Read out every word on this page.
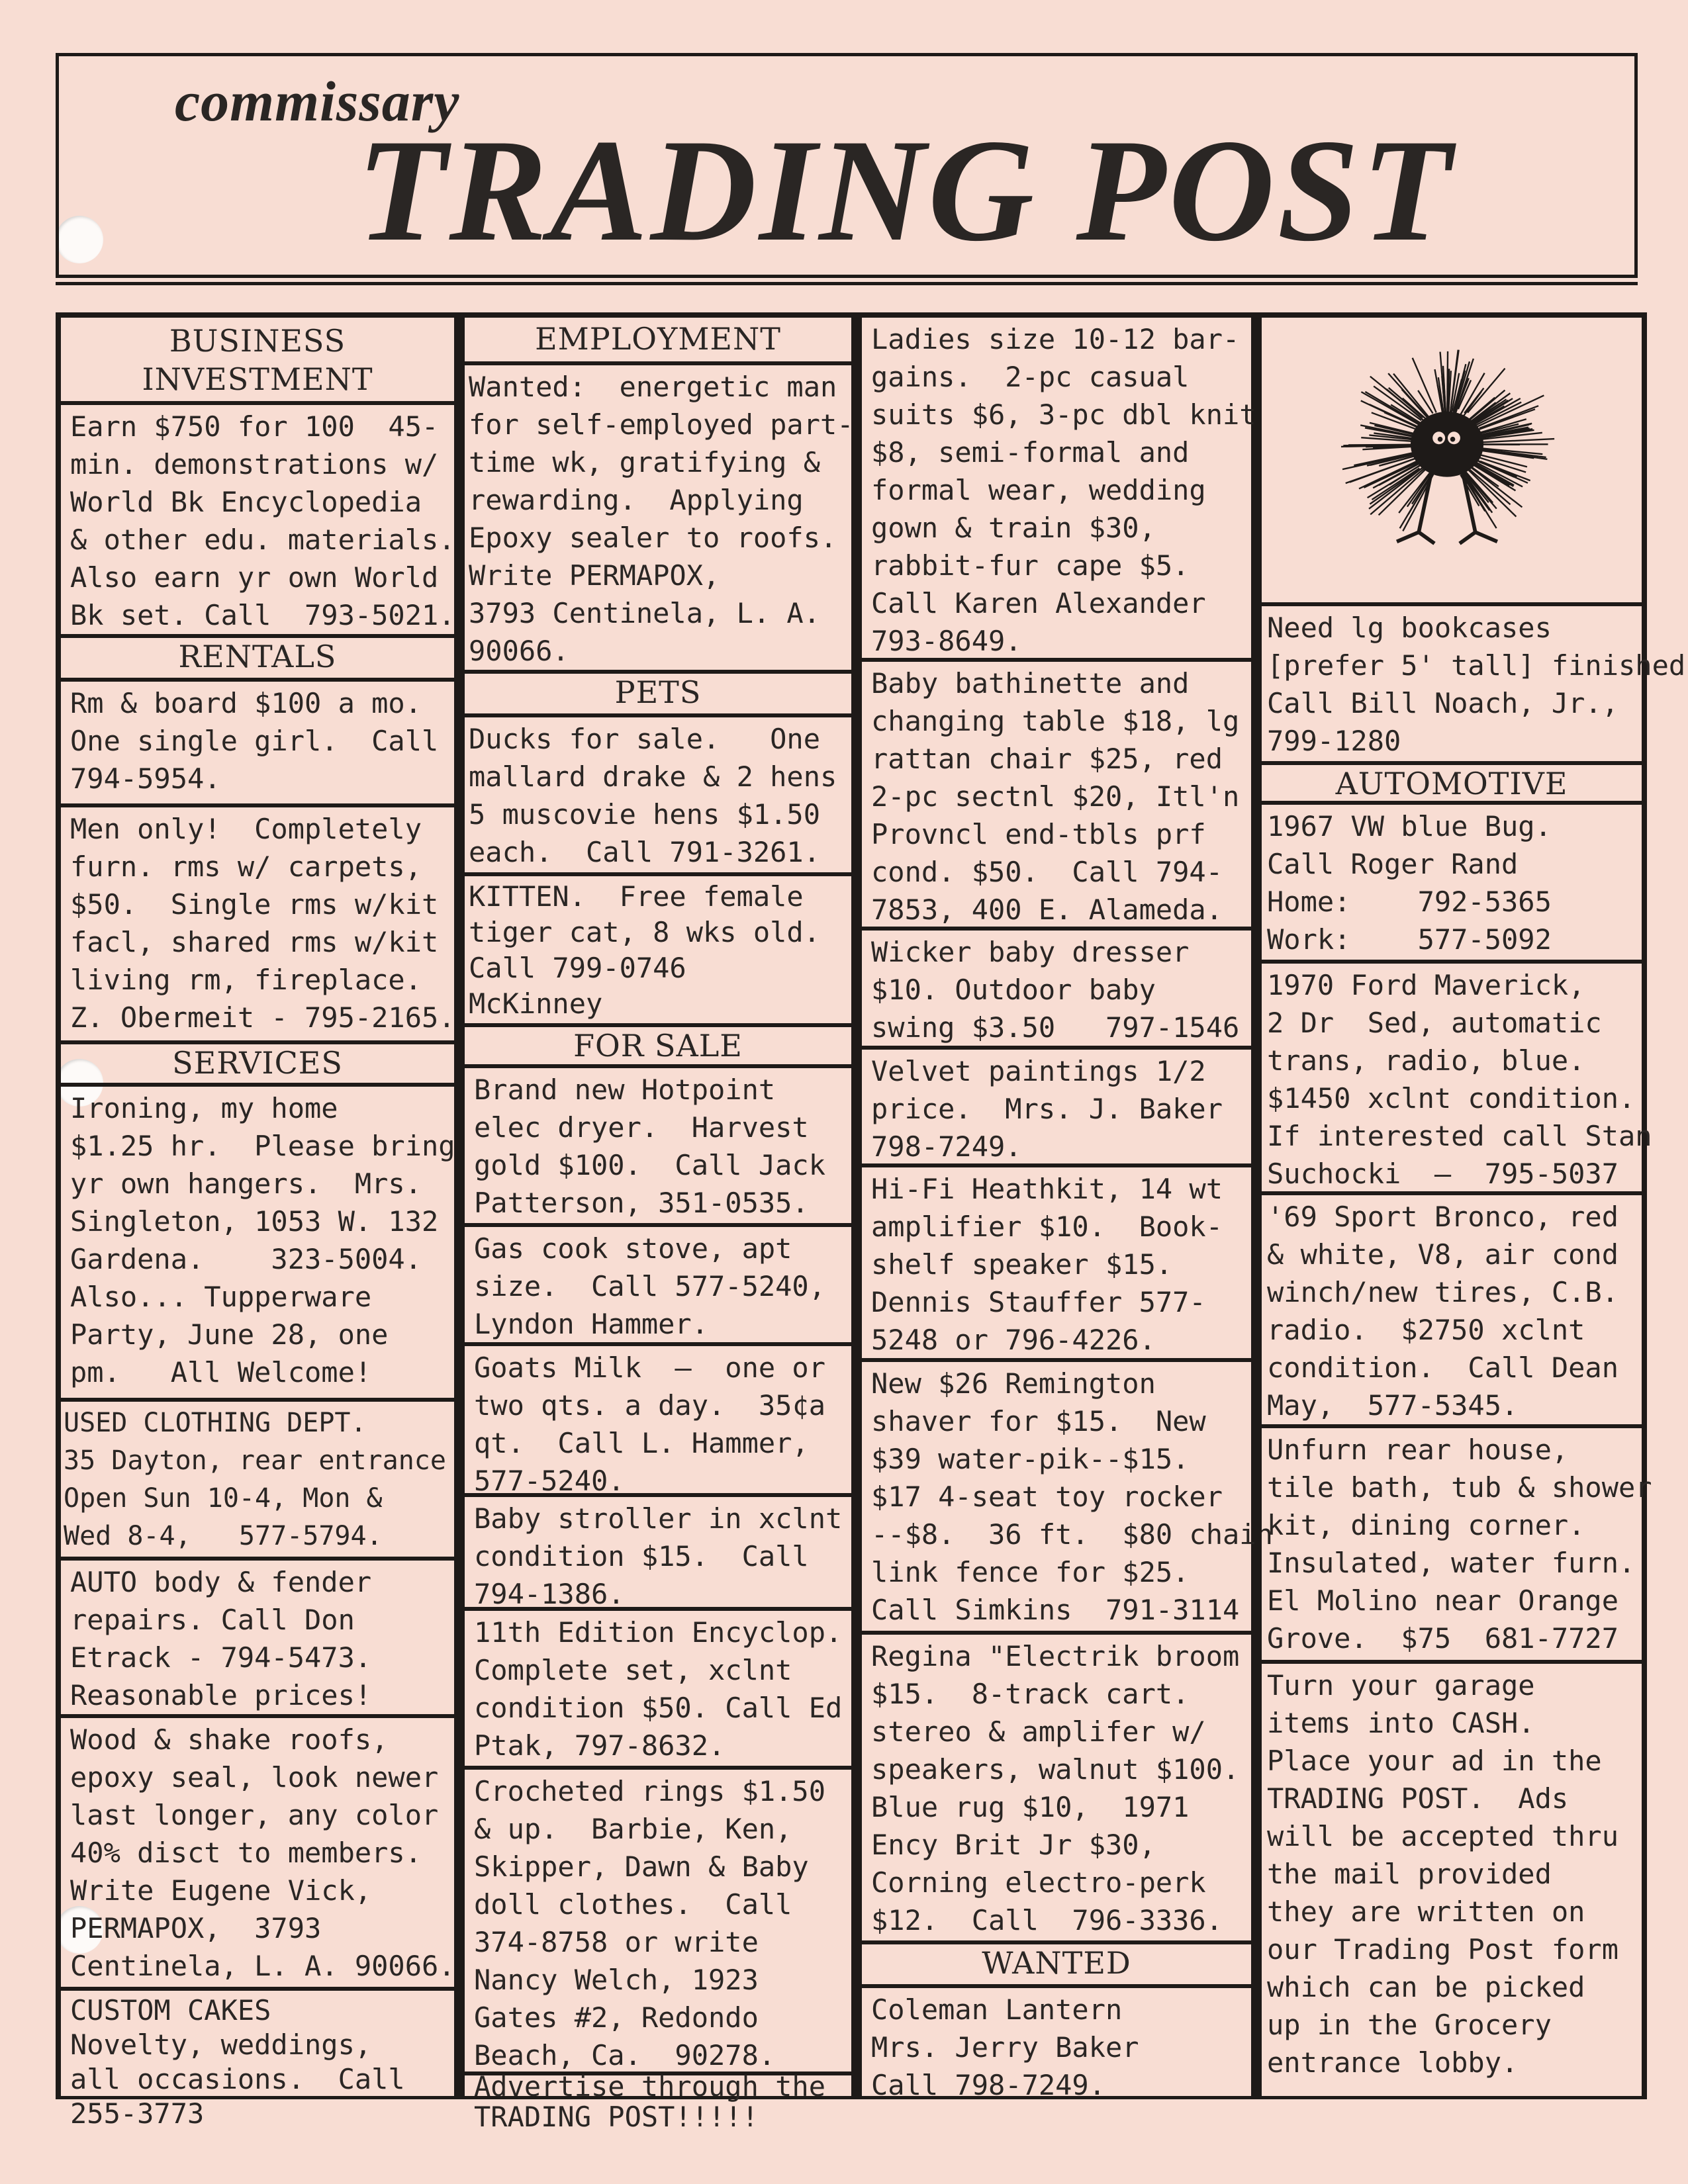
commissary
TRADING POST
BUSINESS
INVESTMENT

Earn $750 for 100  45-
min. demonstrations w/
World Bk Encyclopedia
& other edu. materials.
Also earn yr own World
Bk set. Call  793-5021.

RENTALS

Rm & board $100 a mo.
One single girl.  Call
794-5954.

Men only!  Completely
furn. rms w/ carpets,
$50.  Single rms w/kit
facl, shared rms w/kit
living rm, fireplace.
Z. Obermeit - 795-2165.

SERVICES

Ironing, my home
$1.25 hr.  Please bring
yr own hangers.  Mrs.
Singleton, 1053 W. 132
Gardena.    323-5004.
Also... Tupperware
Party, June 28, one
pm.   All Welcome!

USED CLOTHING DEPT.
35 Dayton, rear entrance
Open Sun 10-4, Mon &
Wed 8-4,   577-5794.

AUTO body & fender
repairs. Call Don
Etrack - 794-5473.
Reasonable prices!

Wood & shake roofs,
epoxy seal, look newer
last longer, any color
40% disct to members.
Write Eugene Vick,
PERMAPOX,  3793
Centinela, L. A. 90066.

CUSTOM CAKES
Novelty, weddings,
all occasions.  Call
255-3773

EMPLOYMENT

Wanted:  energetic man
for self-employed part-
time wk, gratifying &
rewarding.  Applying
Epoxy sealer to roofs.
Write PERMAPOX,
3793 Centinela, L. A.
90066.

PETS

Ducks for sale.   One
mallard drake & 2 hens
5 muscovie hens $1.50
each.  Call 791-3261.

KITTEN.  Free female
tiger cat, 8 wks old.
Call 799-0746
McKinney

FOR SALE

Brand new Hotpoint
elec dryer.  Harvest
gold $100.  Call Jack
Patterson, 351-0535.

Gas cook stove, apt
size.  Call 577-5240,
Lyndon Hammer.

Goats Milk  —  one or
two qts. a day.  35¢a
qt.  Call L. Hammer,
577-5240.

Baby stroller in xclnt
condition $15.  Call
794-1386.

11th Edition Encyclop.
Complete set, xclnt
condition $50. Call Ed
Ptak, 797-8632.

Crocheted rings $1.50
& up.  Barbie, Ken,
Skipper, Dawn & Baby
doll clothes.  Call
374-8758 or write
Nancy Welch, 1923
Gates #2, Redondo
Beach, Ca.  90278.

Advertise through the
TRADING POST!!!!!

Ladies size 10-12 bar-
gains.  2-pc casual
suits $6, 3-pc dbl knit
$8, semi-formal and
formal wear, wedding
gown & train $30,
rabbit-fur cape $5.
Call Karen Alexander
793-8649.

Baby bathinette and
changing table $18, lg
rattan chair $25, red
2-pc sectnl $20, Itl'n
Provncl end-tbls prf
cond. $50.  Call 794-
7853, 400 E. Alameda.

Wicker baby dresser
$10. Outdoor baby
swing $3.50   797-1546

Velvet paintings 1/2
price.  Mrs. J. Baker
798-7249.

Hi-Fi Heathkit, 14 wt
amplifier $10.  Book-
shelf speaker $15.
Dennis Stauffer 577-
5248 or 796-4226.

New $26 Remington
shaver for $15.  New
$39 water-pik--$15.
$17 4-seat toy rocker
--$8.  36 ft.  $80 chain
link fence for $25.
Call Simkins  791-3114

Regina "Electrik broom
$15.  8-track cart.
stereo & amplifer w/
speakers, walnut $100.
Blue rug $10,  1971
Ency Brit Jr $30,
Corning electro-perk
$12.  Call  796-3336.

WANTED

Coleman Lantern
Mrs. Jerry Baker
Call 798-7249.

Need lg bookcases
[prefer 5' tall] finished
Call Bill Noach, Jr.,
799-1280

AUTOMOTIVE

1967 VW blue Bug.
Call Roger Rand
Home:    792-5365
Work:    577-5092

1970 Ford Maverick,
2 Dr  Sed, automatic
trans, radio, blue.
$1450 xclnt condition.
If interested call Stan
Suchocki  —  795-5037

'69 Sport Bronco, red
& white, V8, air cond
winch/new tires, C.B.
radio.  $2750 xclnt
condition.  Call Dean
May,  577-5345.

Unfurn rear house,
tile bath, tub & shower
kit, dining corner.
Insulated, water furn.
El Molino near Orange
Grove.  $75  681-7727

Turn your garage
items into CASH.
Place your ad in the
TRADING POST.  Ads
will be accepted thru
the mail provided
they are written on
our Trading Post form
which can be picked
up in the Grocery
entrance lobby.
